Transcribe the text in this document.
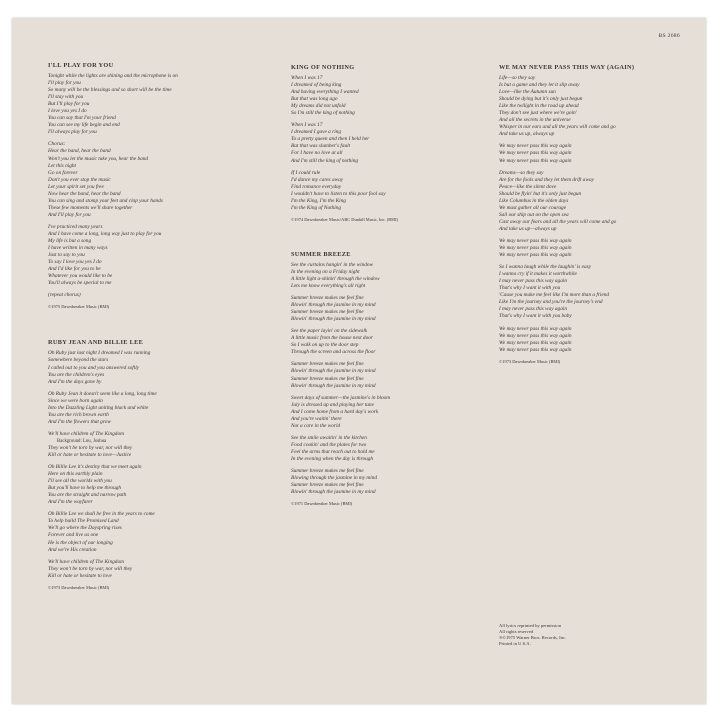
BS 2686
I'LL PLAY FOR YOU
Tonight while the lights are shining and the microphone is on
I'll play for you
So many will be the blessings and so short will be the time
I'll stay with you
But I'll play for you
I love you yes I do
You can say that I'm your friend
You can see my life begin and end
I'll always play for you
Chorus:
Hear the band, hear the band
Won't you let the music take you, hear the band
Let this night
Go on forever
Don't you ever stop the music
Let your spirit set you free
Now hear the band, hear the band
You can sing and stomp your feet and clap your hands
These few moments we'll share together
And I'll play for you
I've practiced many years
And I have come a long, long way just to play for you
My life is but a song
I have written in many ways
Just to say to you
To say I love you yes I do
And I'd like for you to be
Whatever you would like to be
You'll always be special to me
(repeat chorus)
©1975 Dawnbreaker Music (BMI)
RUBY JEAN AND BILLIE LEE
Oh Ruby just last night I dreamed I was running
Somewhere beyond the stars
I called out to you and you answered softly
You are the children's eyes
And I'm the days gone by
Oh Ruby Jean it doesn't seem like a long, long time
Since we were born again
Into the Dazzling Light uniting black and white
You are the rich brown earth
And I'm the flowers that grow
We'll have children of The Kingdom
Background: Lou, Joshua
They won't be torn by war, nor will they
Kill or hate or hesitate to love—Justice
Oh Billie Lee it's destiny that we meet again
Here on this earthly plain
I'll see all the worlds with you
But you'll have to help me through
You are the straight and narrow path
And I'm the wayfarer
Oh Billie Lee we shall be free in the years to come
To help build The Promised Land
We'll go where the Dayspring rises
Forever and live as one
He is the object of our longing
And we're His creation
We'll have children of The Kingdom
They won't be torn by war, nor will they
Kill or hate or hesitate to love
©1973 Dawnbreaker Music (BMI)
KING OF NOTHING
When I was 17
I dreamed of being king
And having everything I wanted
But that was long ago
My dreams did not unfold
So I'm still the king of nothing
When I was 17
I dreamed I gave a ring
To a pretty queen and then I held her
But that was slumber's fault
For I have no love at all
And I'm still the king of nothing
If I could rule
I'd dance my cares away
Find romance everyday
I wouldn't have to listen to this poor fool say
I'm the King, I'm the King
I'm the King of Nothing
©1974 Dawnbreaker Music/ABC Dunhill Music, Inc. (BMI)
SUMMER BREEZE
See the curtains hangin' in the window
In the evening on a Friday night
A little light a-shinin' through the window
Lets me know everything's all right
Summer breeze makes me feel fine
Blowin' through the jasmine in my mind
Summer breeze makes me feel fine
Blowin' through the jasmine in my mind
See the paper layin' on the sidewalk
A little music from the house next door
So I walk on up to the door step
Through the screen and across the floor
Summer breeze makes me feel fine
Blowin' through the jasmine in my mind
Summer breeze makes me feel fine
Blowin' through the jasmine in my mind
Sweet days of summer—the jasmine's in bloom
July is dressed up and playing her tune
And I come home from a hard day's work
And you're waitin' there
Not a care in the world
See the smile awaitin' in the kitchen
Food cookin' and the plates for two
Feel the arms that reach out to hold me
In the evening when the day is through
Summer breeze makes me feel fine
Blowing through the jasmine in my mind
Summer breeze makes me feel fine
Blowin' through the jasmine in my mind
©1971 Dawnbreaker Music (BMI)
WE MAY NEVER PASS THIS WAY (AGAIN)
Life—so they say
Is but a game and they let it slip away
Love—like the Autumn sun
Should be dying but it's only just begun
Like the twilight in the road up ahead
They don't see just where we're goin'
And all the secrets in the universe
Whisper in our ears and all the years will come and go
And take us up, always up
We may never pass this way again
We may never pass this way again
We may never pass this way again
Dreams—so they say
Are for the fools and they let them drift away
Peace—like the silent dove
Should be flyin' but it's only just begun
Like Columbus in the olden days
We must gather all our courage
Sail our ship out on the open sea
Cast away our fears and all the years will come and go
And take us up—always up
We may never pass this way again
We may never pass this way again
We may never pass this way again
So I wanna laugh while the laughin' is easy
I wanna cry if it makes it worthwhile
I may never pass this way again
That's why I want it with you
'Cause you make me feel like I'm more than a friend
Like I'm the journey and you're the journey's end
I may never pass this way again
That's why I want it with you baby
We may never pass this way again
We may never pass this way again
We may never pass this way again
We may never pass this way again
©1973 Dawnbreaker Music (BMI)
All lyrics reprinted by permission
All rights reserved
®©1975 Warner Bros. Records, Inc.
Printed in U.S.A.
